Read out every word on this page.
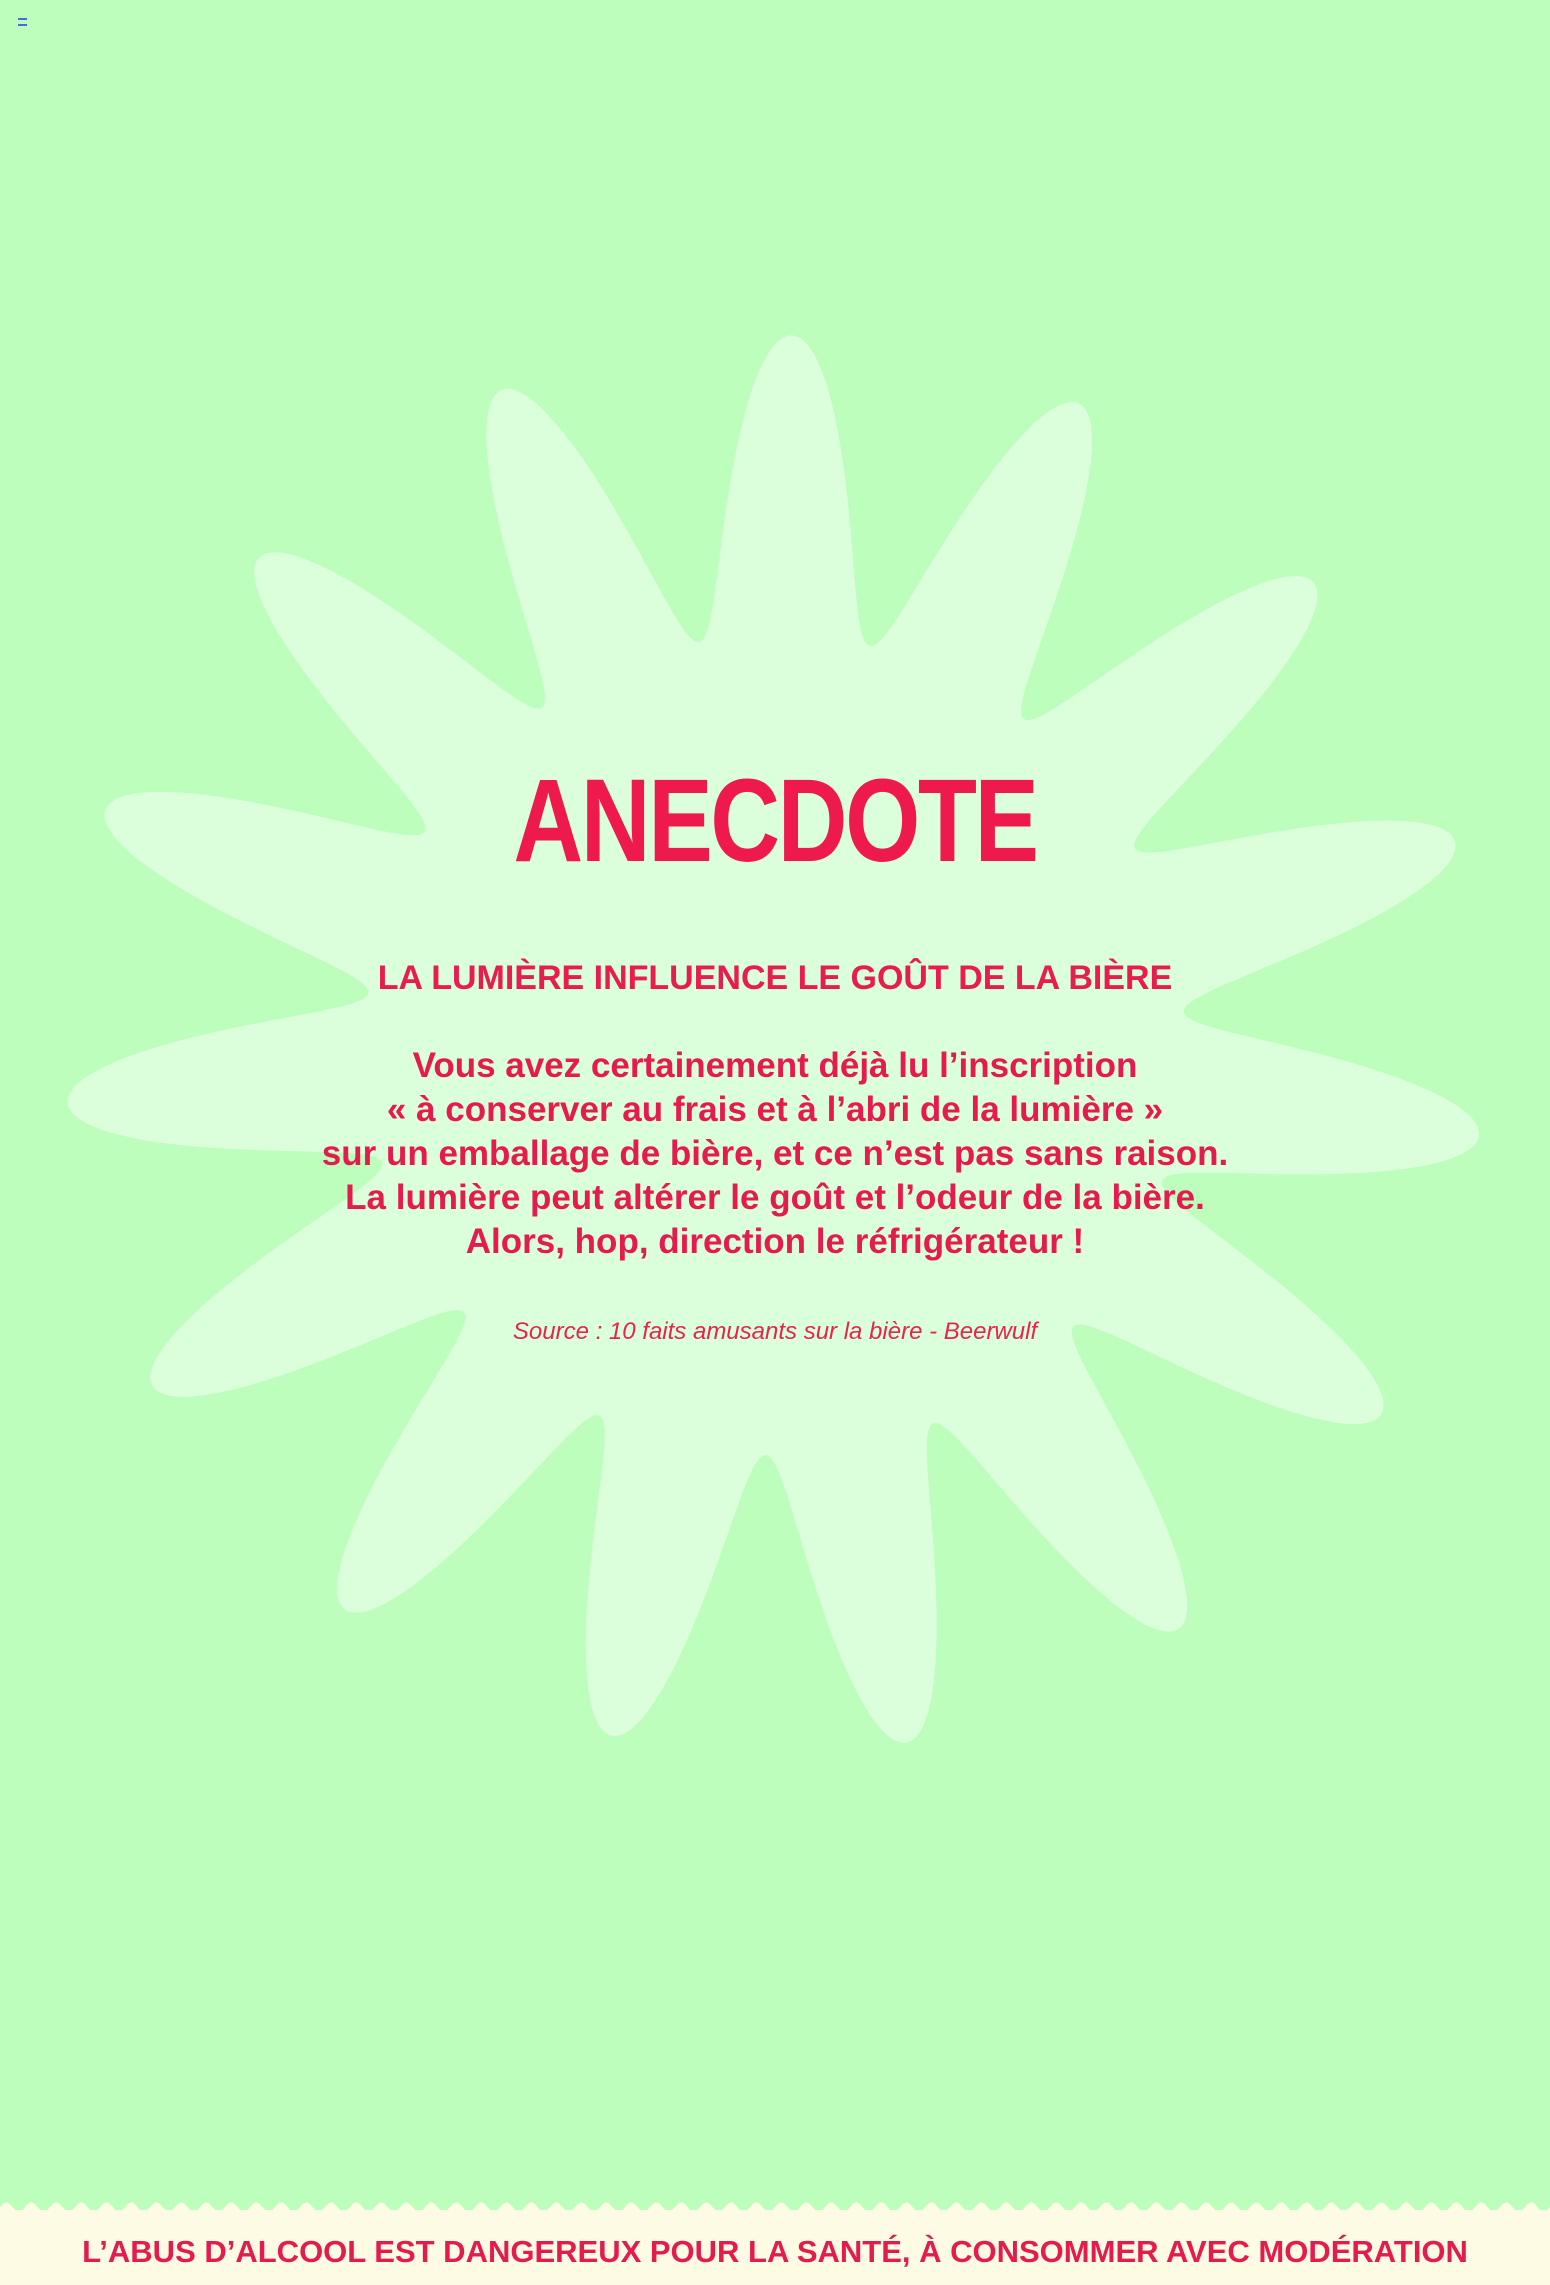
ANECDOTE
LA LUMIÈRE INFLUENCE LE GOÛT DE LA BIÈRE
Vous avez certainement déjà lu l’inscription
« à conserver au frais et à l’abri de la lumière »
sur un emballage de bière, et ce n’est pas sans raison.
La lumière peut altérer le goût et l’odeur de la bière.
Alors, hop, direction le réfrigérateur !
Source : 10 faits amusants sur la bière - Beerwulf
L’ABUS D’ALCOOL EST DANGEREUX POUR LA SANTÉ, À CONSOMMER AVEC MODÉRATION
